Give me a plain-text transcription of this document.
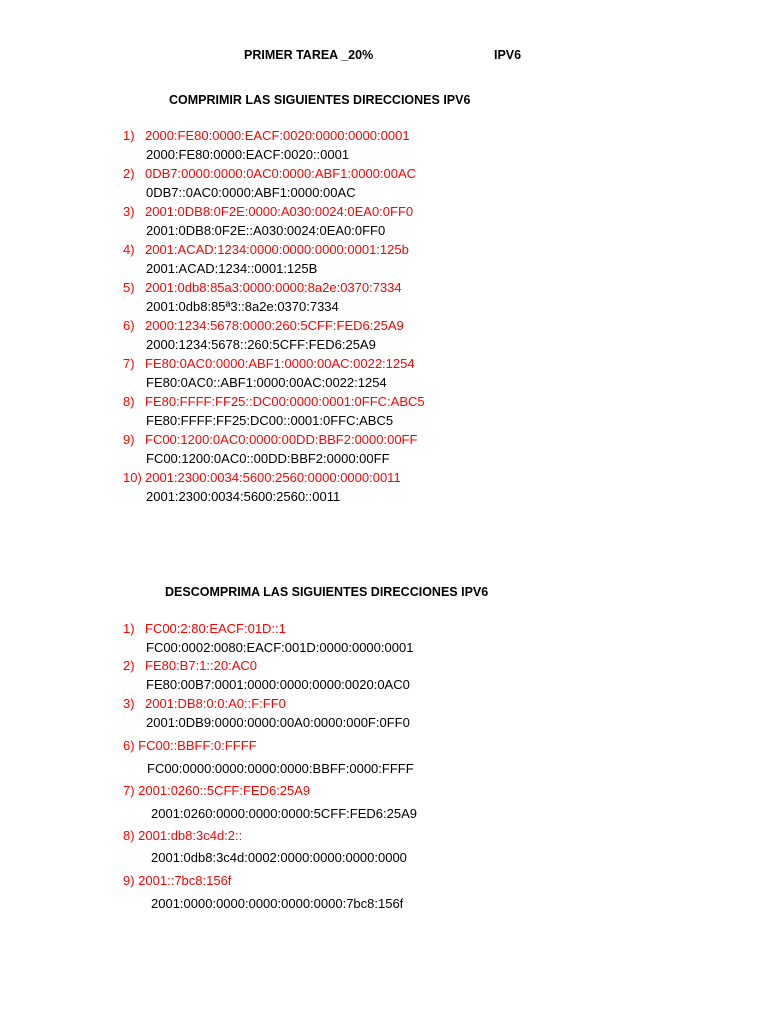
PRIMER TAREA _20%	IPV6
COMPRIMIR LAS SIGUIENTES DIRECCIONES IPV6
1) 2000:FE80:0000:EACF:0020:0000:0000:0001
2000:FE80:0000:EACF:0020::0001
2) 0DB7:0000:0000:0AC0:0000:ABF1:0000:00AC
0DB7::0AC0:0000:ABF1:0000:00AC
3) 2001:0DB8:0F2E:0000:A030:0024:0EA0:0FF0
2001:0DB8:0F2E::A030:0024:0EA0:0FF0
4) 2001:ACAD:1234:0000:0000:0000:0001:125b
2001:ACAD:1234::0001:125B
5) 2001:0db8:85a3:0000:0000:8a2e:0370:7334
2001:0db8:85ª3::8a2e:0370:7334
6) 2000:1234:5678:0000:260:5CFF:FED6:25A9
2000:1234:5678::260:5CFF:FED6:25A9
7) FE80:0AC0:0000:ABF1:0000:00AC:0022:1254
FE80:0AC0::ABF1:0000:00AC:0022:1254
8) FE80:FFFF:FF25::DC00:0000:0001:0FFC:ABC5
FE80:FFFF:FF25:DC00::0001:0FFC:ABC5
9) FC00:1200:0AC0:0000:00DD:BBF2:0000:00FF
FC00:1200:0AC0::00DD:BBF2:0000:00FF
10) 2001:2300:0034:5600:2560:0000:0000:0011
2001:2300:0034:5600:2560::0011
DESCOMPRIMA LAS SIGUIENTES DIRECCIONES IPV6
1) FC00:2:80:EACF:01D::1
FC00:0002:0080:EACF:001D:0000:0000:0001
2) FE80:B7:1::20:AC0
FE80:00B7:0001:0000:0000:0000:0020:0AC0
3) 2001:DB8:0:0:A0::F:FF0
2001:0DB9:0000:0000:00A0:0000:000F:0FF0
6) FC00::BBFF:0:FFFF
FC00:0000:0000:0000:0000:BBFF:0000:FFFF
7) 2001:0260::5CFF:FED6:25A9
2001:0260:0000:0000:0000:5CFF:FED6:25A9
8) 2001:db8:3c4d:2::
2001:0db8:3c4d:0002:0000:0000:0000:0000
9) 2001::7bc8:156f
2001:0000:0000:0000:0000:0000:7bc8:156f
